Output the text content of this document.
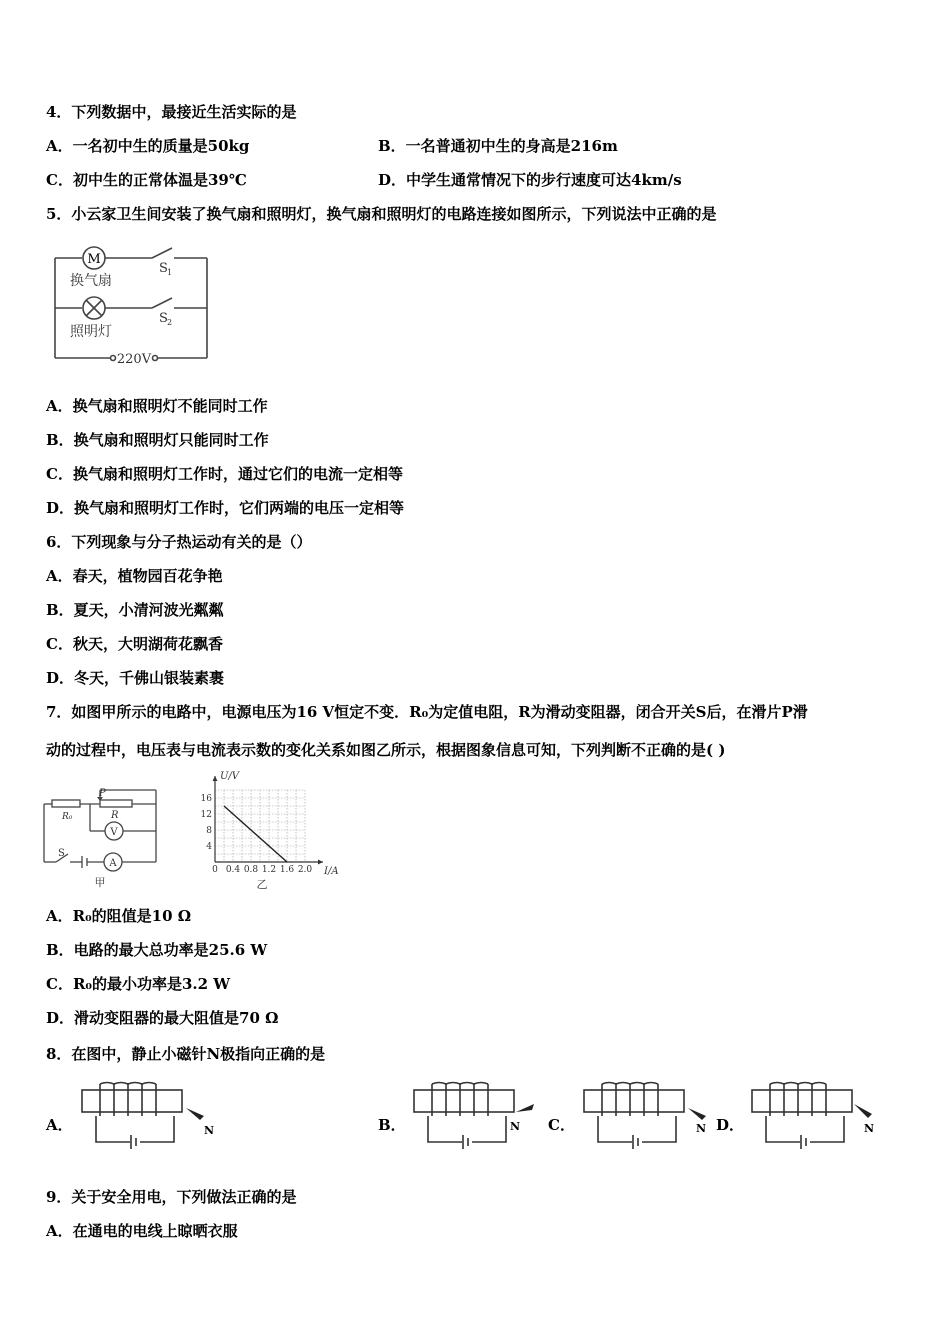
4．下列数据中，最接近生活实际的是
A．一名初中生的质量是50kg	B．一名普通初中生的身高是216m
C．初中生的正常体温是39℃	D．中学生通常情况下的步行速度可达4km/s
5．小云家卫生间安装了换气扇和照明灯，换气扇和照明灯的电路连接如图所示，下列说法中正确的是
M
换气扇
照明灯
S 1
S 2
220V
A．换气扇和照明灯不能同时工作
B．换气扇和照明灯只能同时工作
C．换气扇和照明灯工作时，通过它们的电流一定相等
D．换气扇和照明灯工作时，它们两端的电压一定相等
6．下列现象与分子热运动有关的是（）
A．春天，植物园百花争艳
B．夏天，小清河波光粼粼
C．秋天，大明湖荷花飘香
D．冬天，千佛山银装素裹
7．如图甲所示的电路中，电源电压为16 V恒定不变．R₀为定值电阻，R为滑动变阻器，闭合开关S后，在滑片P滑
动的过程中，电压表与电流表示数的变化关系如图乙所示，根据图象信息可知，下列判断不正确的是( )
R₀
P
R
V
A
S
甲
0 0.4 0.8 1.2 1.6 2.0
4
8
12
16
U/V
I/A
乙
A．R₀的阻值是10 Ω
B．电路的最大总功率是25.6 W
C．R₀的最小功率是3.2 W
D．滑动变阻器的最大阻值是70 Ω
8．在图中，静止小磁针N极指向正确的是
A．	N	B．	N C．	N D．	N
9．关于安全用电，下列做法正确的是
A．在通电的电线上晾晒衣服
